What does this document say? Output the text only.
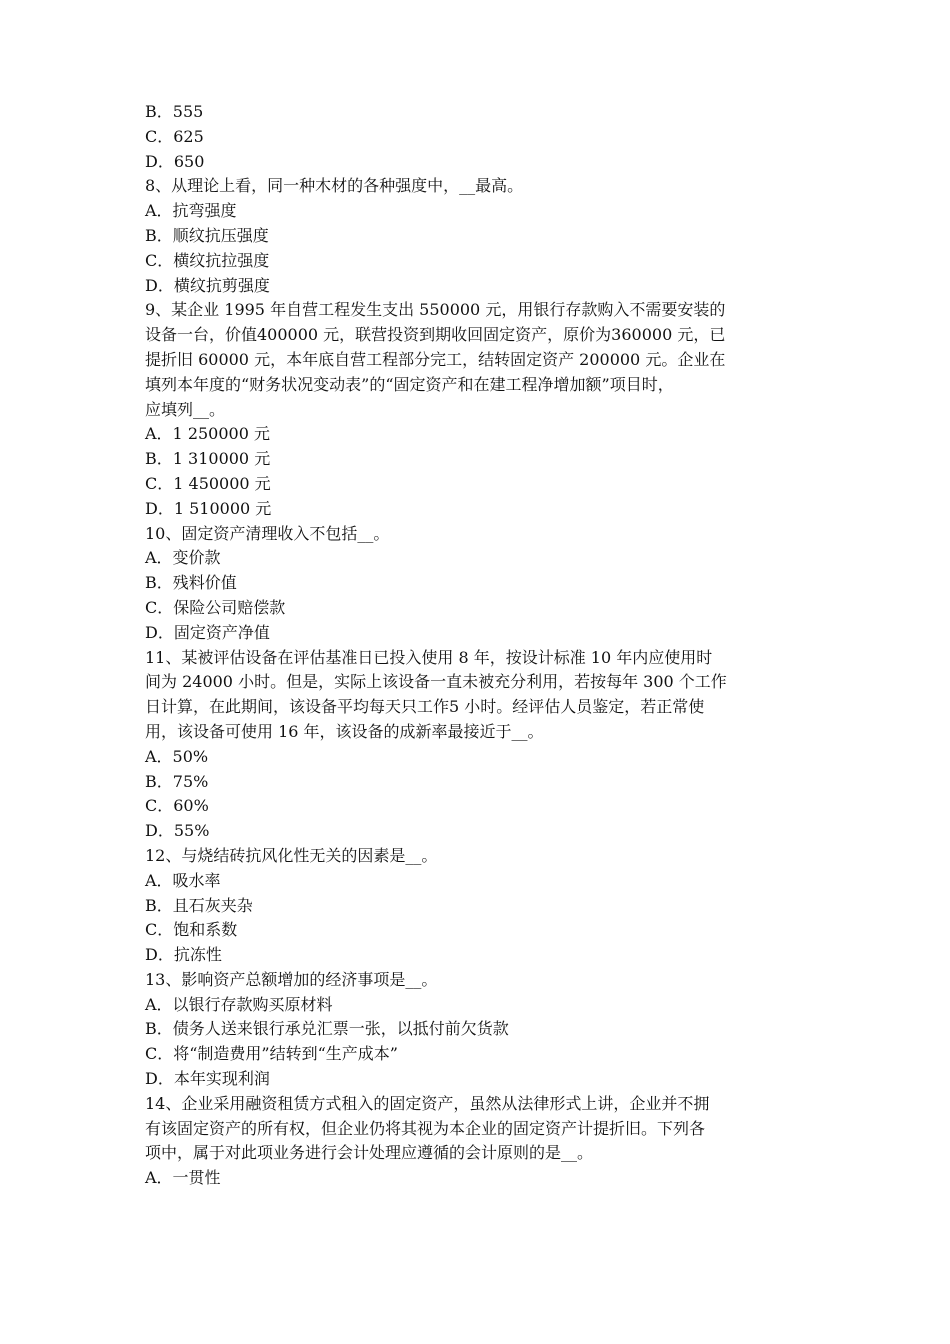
B．555
C．625
D．650
8、从理论上看，同一种木材的各种强度中，__最高。
A．抗弯强度
B．顺纹抗压强度
C．横纹抗拉强度
D．横纹抗剪强度
9、某企业 1995 年自营工程发生支出 550000 元，用银行存款购入不需要安装的
设备一台，价值400000 元，联营投资到期收回固定资产，原价为360000 元，已
提折旧 60000 元，本年底自营工程部分完工，结转固定资产 200000 元。企业在
填列本年度的“财务状况变动表”的“固定资产和在建工程净增加额”项目时，
应填列__。
A．1 250000 元
B．1 310000 元
C．1 450000 元
D．1 510000 元
10、固定资产清理收入不包括__。
A．变价款
B．残料价值
C．保险公司赔偿款
D．固定资产净值
11、某被评估设备在评估基准日已投入使用 8 年，按设计标准 10 年内应使用时
间为 24000 小时。但是，实际上该设备一直未被充分利用，若按每年 300 个工作
日计算，在此期间，该设备平均每天只工作5 小时。经评估人员鉴定，若正常使
用，该设备可使用 16 年，该设备的成新率最接近于__。
A．50%
B．75%
C．60%
D．55%
12、与烧结砖抗风化性无关的因素是__。
A．吸水率
B．且石灰夹杂
C．饱和系数
D．抗冻性
13、影响资产总额增加的经济事项是__。
A．以银行存款购买原材料
B．债务人送来银行承兑汇票一张，以抵付前欠货款
C．将“制造费用”结转到“生产成本”
D．本年实现利润
14、企业采用融资租赁方式租入的固定资产，虽然从法律形式上讲，企业并不拥
有该固定资产的所有权，但企业仍将其视为本企业的固定资产计提折旧。下列各
项中，属于对此项业务进行会计处理应遵循的会计原则的是__。
A．一贯性
